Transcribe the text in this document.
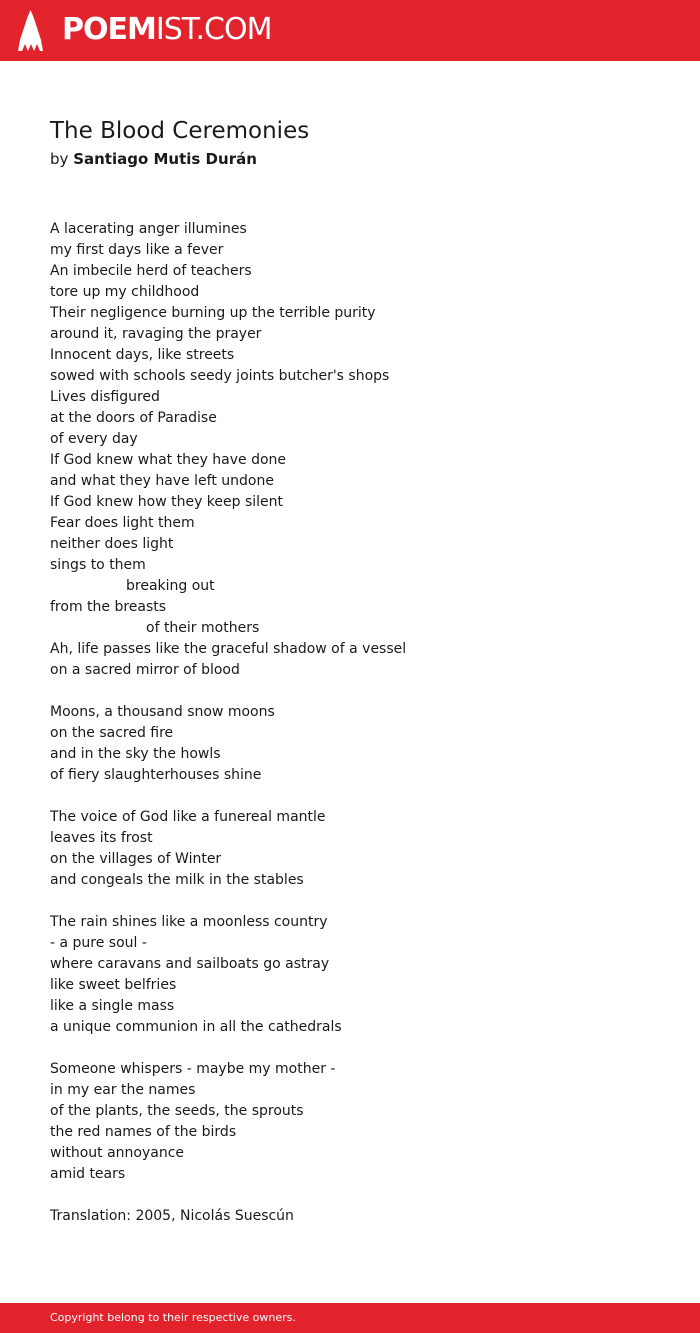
POEMIST.COM
The Blood Ceremonies
by Santiago Mutis Durán
A lacerating anger illumines
my first days like a fever
An imbecile herd of teachers
tore up my childhood
Their negligence burning up the terrible purity
around it, ravaging the prayer
Innocent days, like streets
sowed with schools seedy joints butcher's shops
Lives disfigured
at the doors of Paradise
of every day
If God knew what they have done
and what they have left undone
If God knew how they keep silent
Fear does light them
neither does light
sings to them
breaking out
from the breasts
of their mothers
Ah, life passes like the graceful shadow of a vessel
on a sacred mirror of blood
Moons, a thousand snow moons
on the sacred fire
and in the sky the howls
of fiery slaughterhouses shine
The voice of God like a funereal mantle
leaves its frost
on the villages of Winter
and congeals the milk in the stables
The rain shines like a moonless country
- a pure soul -
where caravans and sailboats go astray
like sweet belfries
like a single mass
a unique communion in all the cathedrals
Someone whispers - maybe my mother -
in my ear the names
of the plants, the seeds, the sprouts
the red names of the birds
without annoyance
amid tears
Translation: 2005, Nicolás Suescún
Copyright belong to their respective owners.
